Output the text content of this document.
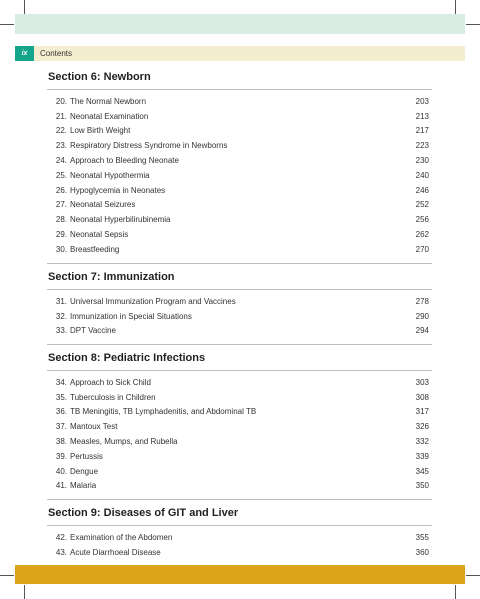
ix	Contents
Section 6: Newborn
20. The Normal Newborn	203
21. Neonatal Examination	213
22. Low Birth Weight	217
23. Respiratory Distress Syndrome in Newborns	223
24. Approach to Bleeding Neonate	230
25. Neonatal Hypothermia	240
26. Hypoglycemia in Neonates	246
27. Neonatal Seizures	252
28. Neonatal Hyperbilirubinemia	256
29. Neonatal Sepsis	262
30. Breastfeeding	270
Section 7: Immunization
31. Universal Immunization Program and Vaccines	278
32. Immunization in Special Situations	290
33. DPT Vaccine	294
Section 8: Pediatric Infections
34. Approach to Sick Child	303
35. Tuberculosis in Children	308
36. TB Meningitis, TB Lymphadenitis, and Abdominal TB	317
37. Mantoux Test	326
38. Measles, Mumps, and Rubella	332
39. Pertussis	339
40. Dengue	345
41. Malaria	350
Section 9: Diseases of GIT and Liver
42. Examination of the Abdomen	355
43. Acute Diarrhoeal Disease	360
